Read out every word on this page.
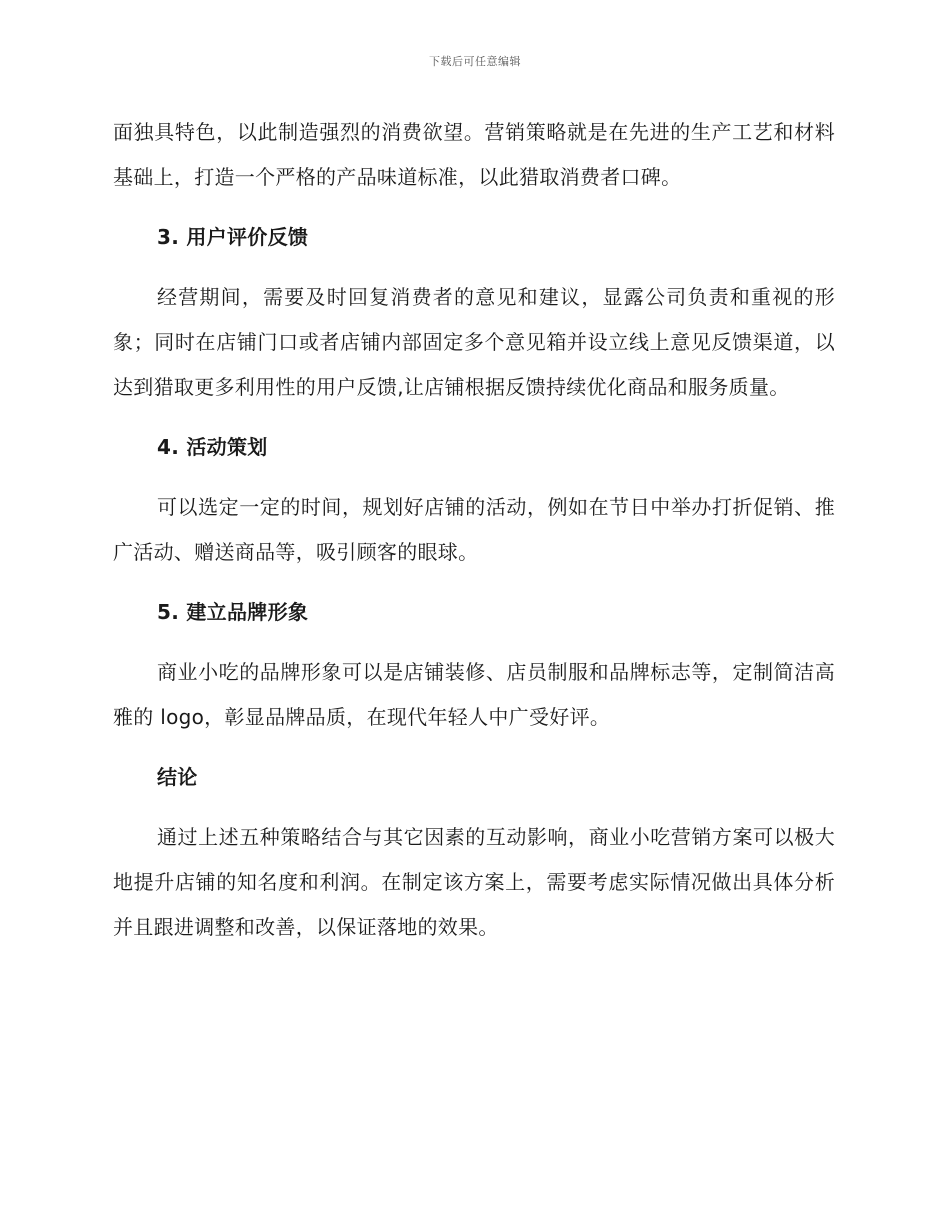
下载后可任意编辑

面独具特色，以此制造强烈的消费欲望。营销策略就是在先进的生产工艺和材料基础上，打造一个严格的产品味道标准，以此猎取消费者口碑。

3. 用户评价反馈

经营期间，需要及时回复消费者的意见和建议，显露公司负责和重视的形象；同时在店铺门口或者店铺内部固定多个意见箱并设立线上意见反馈渠道，以达到猎取更多利用性的用户反馈,让店铺根据反馈持续优化商品和服务质量。

4. 活动策划

可以选定一定的时间，规划好店铺的活动，例如在节日中举办打折促销、推广活动、赠送商品等，吸引顾客的眼球。

5. 建立品牌形象

商业小吃的品牌形象可以是店铺装修、店员制服和品牌标志等，定制简洁高雅的 logo，彰显品牌品质，在现代年轻人中广受好评。

结论

通过上述五种策略结合与其它因素的互动影响，商业小吃营销方案可以极大地提升店铺的知名度和利润。在制定该方案上，需要考虑实际情况做出具体分析并且跟进调整和改善，以保证落地的效果。
